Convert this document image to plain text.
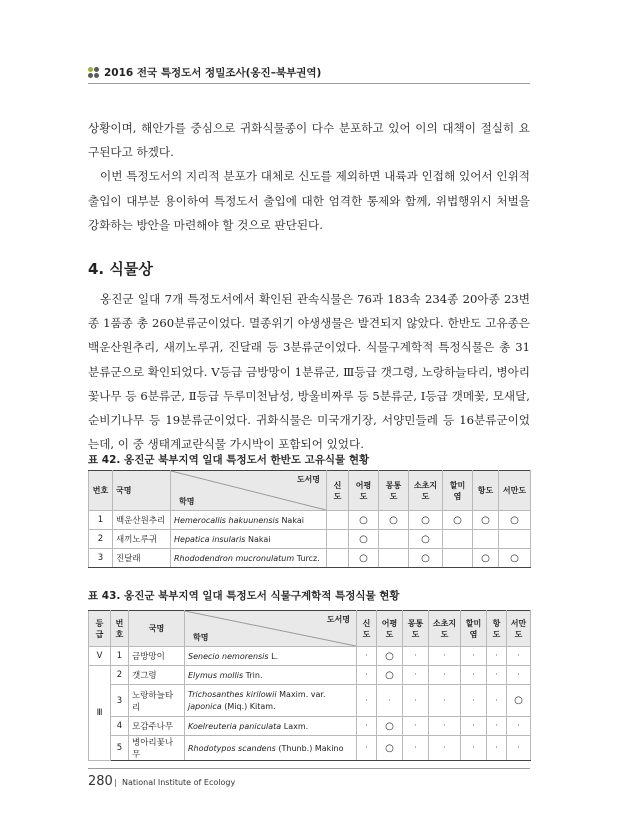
2016 전국 특정도서 정밀조사(옹진–북부권역)

상황이며, 해안가를 중심으로 귀화식물종이 다수 분포하고 있어 이의 대책이 절실히 요구된다고 하겠다.

이번 특정도서의 지리적 분포가 대체로 신도를 제외하면 내륙과 인접해 있어서 인위적 출입이 대부분 용이하여 특정도서 출입에 대한 엄격한 통제와 함께, 위법행위시 처벌을 강화하는 방안을 마련해야 할 것으로 판단된다.

4. 식물상

옹진군 일대 7개 특정도서에서 확인된 관속식물은 76과 183속 234종 20아종 23변종 1품종 총 260분류군이었다. 멸종위기 야생생물은 발견되지 않았다. 한반도 고유종은 백운산원추리, 새끼노루귀, 진달래 등 3분류군이었다. 식물구계학적 특정식물은 총 31분류군으로 확인되었다. Ⅴ등급 금방망이 1분류군, Ⅲ등급 갯그령, 노랑하늘타리, 병아리꽃나무 등 6분류군, Ⅱ등급 두루미천남성, 방울비짜루 등 5분류군, Ⅰ등급 갯메꽃, 모새달, 순비기나무 등 19분류군이었다. 귀화식물은 미국개기장, 서양민들레 등 16분류군이었는데, 이 중 생태계교란식물 가시박이 포함되어 있었다.

표 42. 옹진군 북부지역 일대 특정도서 한반도 고유식물 현황
번호	국명	도서명
학명	신도	어평도	몽통도	소초지도	할미염	항도	서만도
1	백운산원추리	Hemerocallis hakuunensis Nakai		○	○	○	○	○	○
2	새끼노루귀	Hepatica insularis Nakai		○		○			
3	진달래	Rhododendron mucronulatum Turcz.		○		○		○	○
표 43. 옹진군 북부지역 일대 특정도서 식물구계학적 특정식물 현황
등급	번호	국명	도서명
학명	신도	어평도	몽통도	소초지도	할미염	항도	서만도
Ⅴ	1	금방망이	Senecio nemorensis L.	·	○	·	·	·	·	·
Ⅲ	2	갯그령	Elymus mollis Trin.	·	○	·	·	·	·	·
	3	노랑하늘타리	Trichosanthes kirilowii Maxim. var.
japonica (Miq.) Kitam.	·	·	·	·	·	·	○
	4	모감주나무	Koelreuteria paniculata Laxm.	·	○	·	·	·	·	·
	5	병아리꽃나무	Rhodotypos scandens (Thunb.) Makino	·	○	·	·	·	·	·
280 | National Institute of Ecology
